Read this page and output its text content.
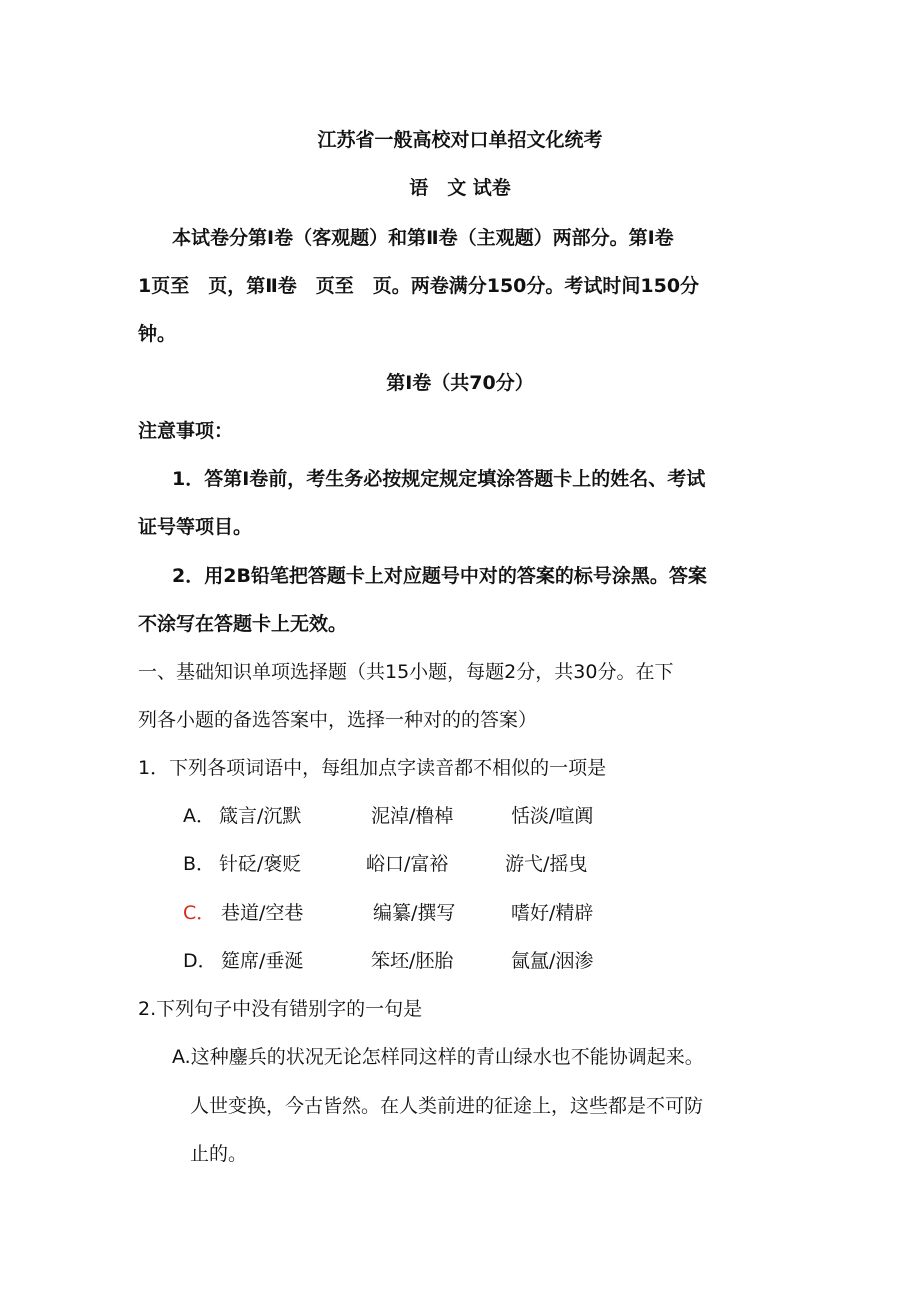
江苏省一般高校对口单招文化统考
语　文 试卷
本试卷分第Ⅰ卷（客观题）和第Ⅱ卷（主观题）两部分。第Ⅰ卷
1页至　页，第Ⅱ卷　页至　页。两卷满分150分。考试时间150分
钟。
第Ⅰ卷（共70分）
注意事项：
1．答第Ⅰ卷前，考生务必按规定规定填涂答题卡上的姓名、考试
证号等项目。
2．用2B铅笔把答题卡上对应题号中对的答案的标号涂黑。答案
不涂写在答题卡上无效。
一、基础知识单项选择题（共15小题，每题2分，共30分。在下
列各小题的备选答案中，选择一种对的的答案）
1．下列各项词语中，每组加点字读音都不相似的一项是
A． 箴言/沉默	泥淖/橹棹	恬淡/喧阗
B． 针砭/褒贬	峪口/富裕	游弋/摇曳
C． 巷道/空巷	编纂/撰写	嗜好/精辟
D． 筵席/垂涎	笨坯/胚胎	氤氲/洇渗
2.下列句子中没有错别字的一句是
A.这种鏖兵的状况无论怎样同这样的青山绿水也不能协调起来。
人世变换，今古皆然。在人类前进的征途上，这些都是不可防
止的。
